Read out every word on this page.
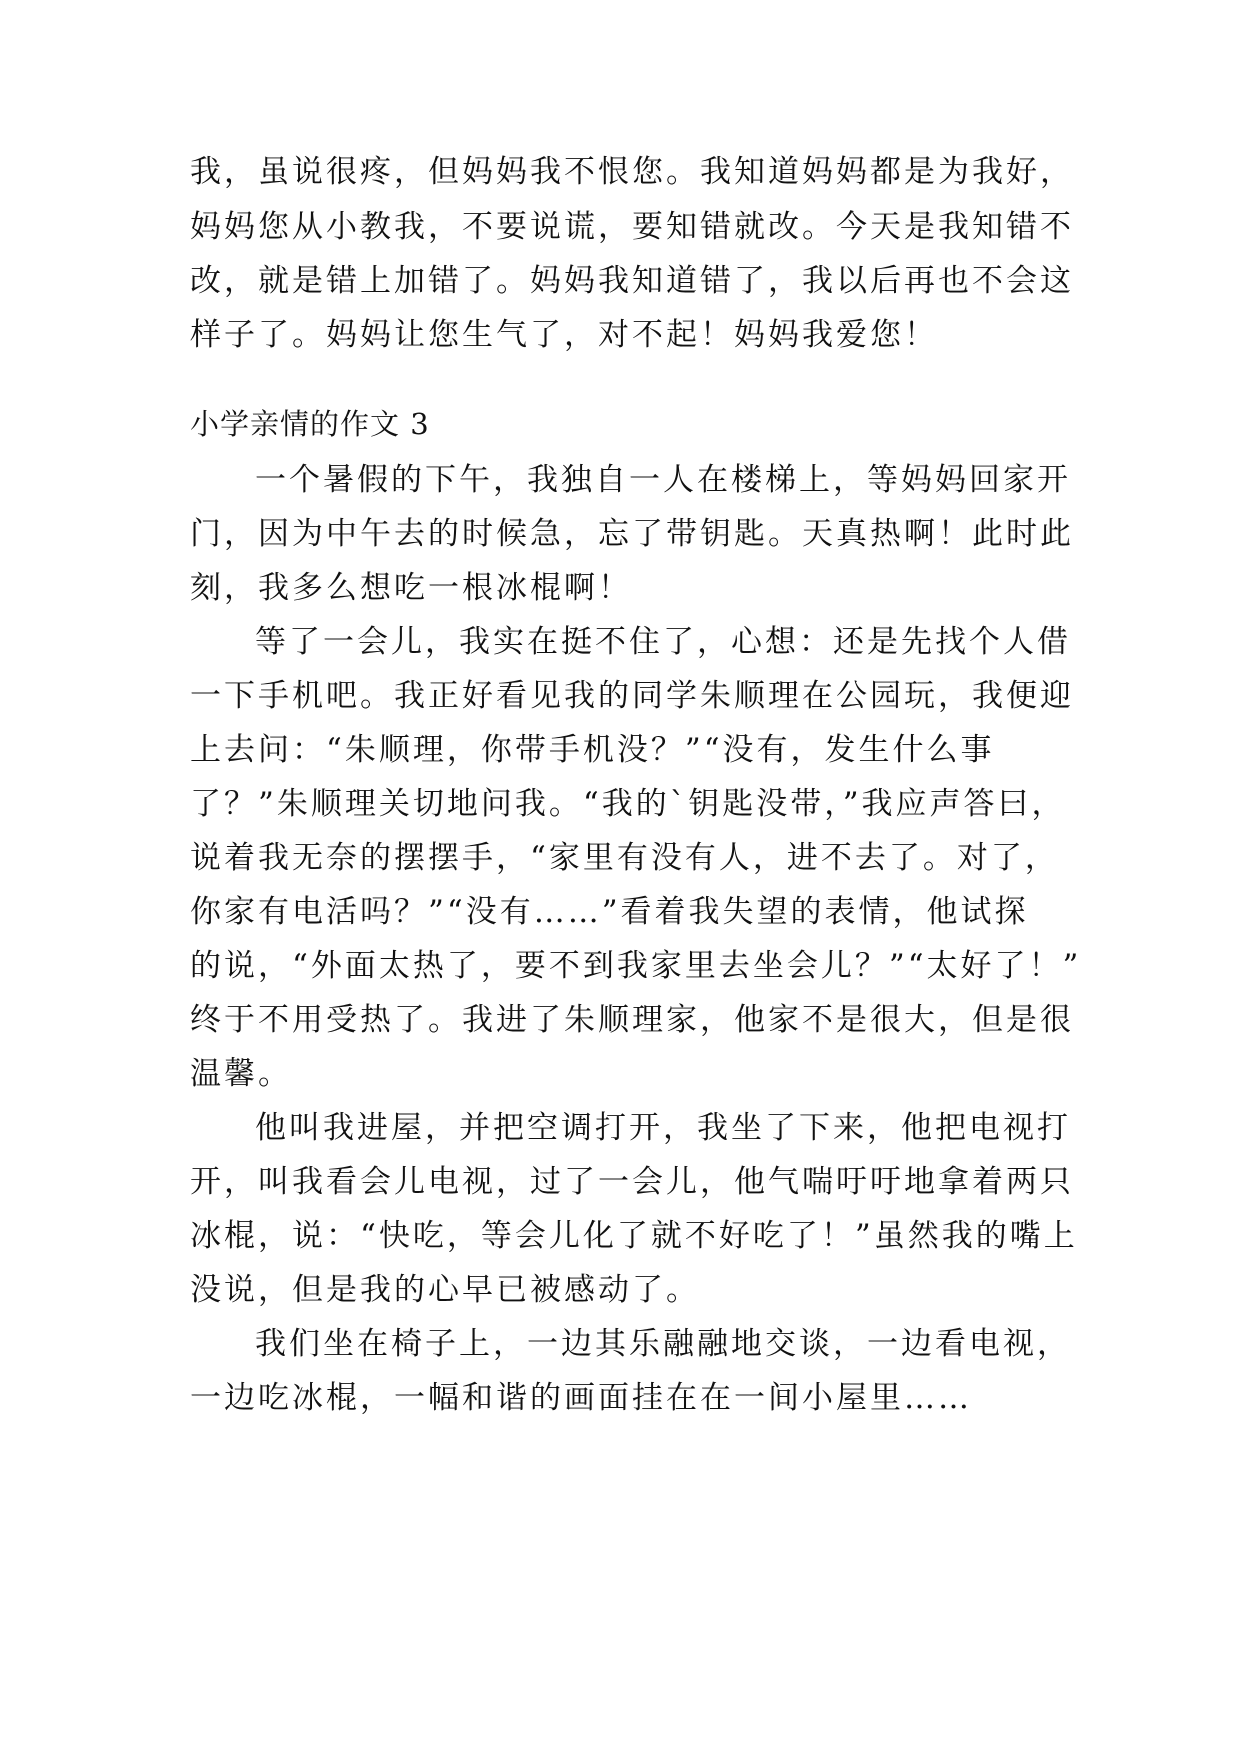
我，虽说很疼，但妈妈我不恨您。我知道妈妈都是为我好，
妈妈您从小教我，不要说谎，要知错就改。今天是我知错不
改，就是错上加错了。妈妈我知道错了，我以后再也不会这
样子了。妈妈让您生气了，对不起！妈妈我爱您！
小学亲情的作文 3
一个暑假的下午，我独自一人在楼梯上，等妈妈回家开
门，因为中午去的时候急，忘了带钥匙。天真热啊！此时此
刻，我多么想吃一根冰棍啊！
等了一会儿，我实在挺不住了，心想：还是先找个人借
一下手机吧。我正好看见我的同学朱顺理在公园玩，我便迎
上去问：“朱顺理，你带手机没？”“没有，发生什么事
了？”朱顺理关切地问我。“我的`钥匙没带，”我应声答曰，
说着我无奈的摆摆手，“家里有没有人，进不去了。对了，
你家有电活吗？”“没有……”看着我失望的表情，他试探
的说，“外面太热了，要不到我家里去坐会儿？”“太好了！”
终于不用受热了。我进了朱顺理家，他家不是很大，但是很
温馨。
他叫我进屋，并把空调打开，我坐了下来，他把电视打
开，叫我看会儿电视，过了一会儿，他气喘吁吁地拿着两只
冰棍，说：“快吃，等会儿化了就不好吃了！”虽然我的嘴上
没说，但是我的心早已被感动了。
我们坐在椅子上，一边其乐融融地交谈，一边看电视，
一边吃冰棍，一幅和谐的画面挂在在一间小屋里……
